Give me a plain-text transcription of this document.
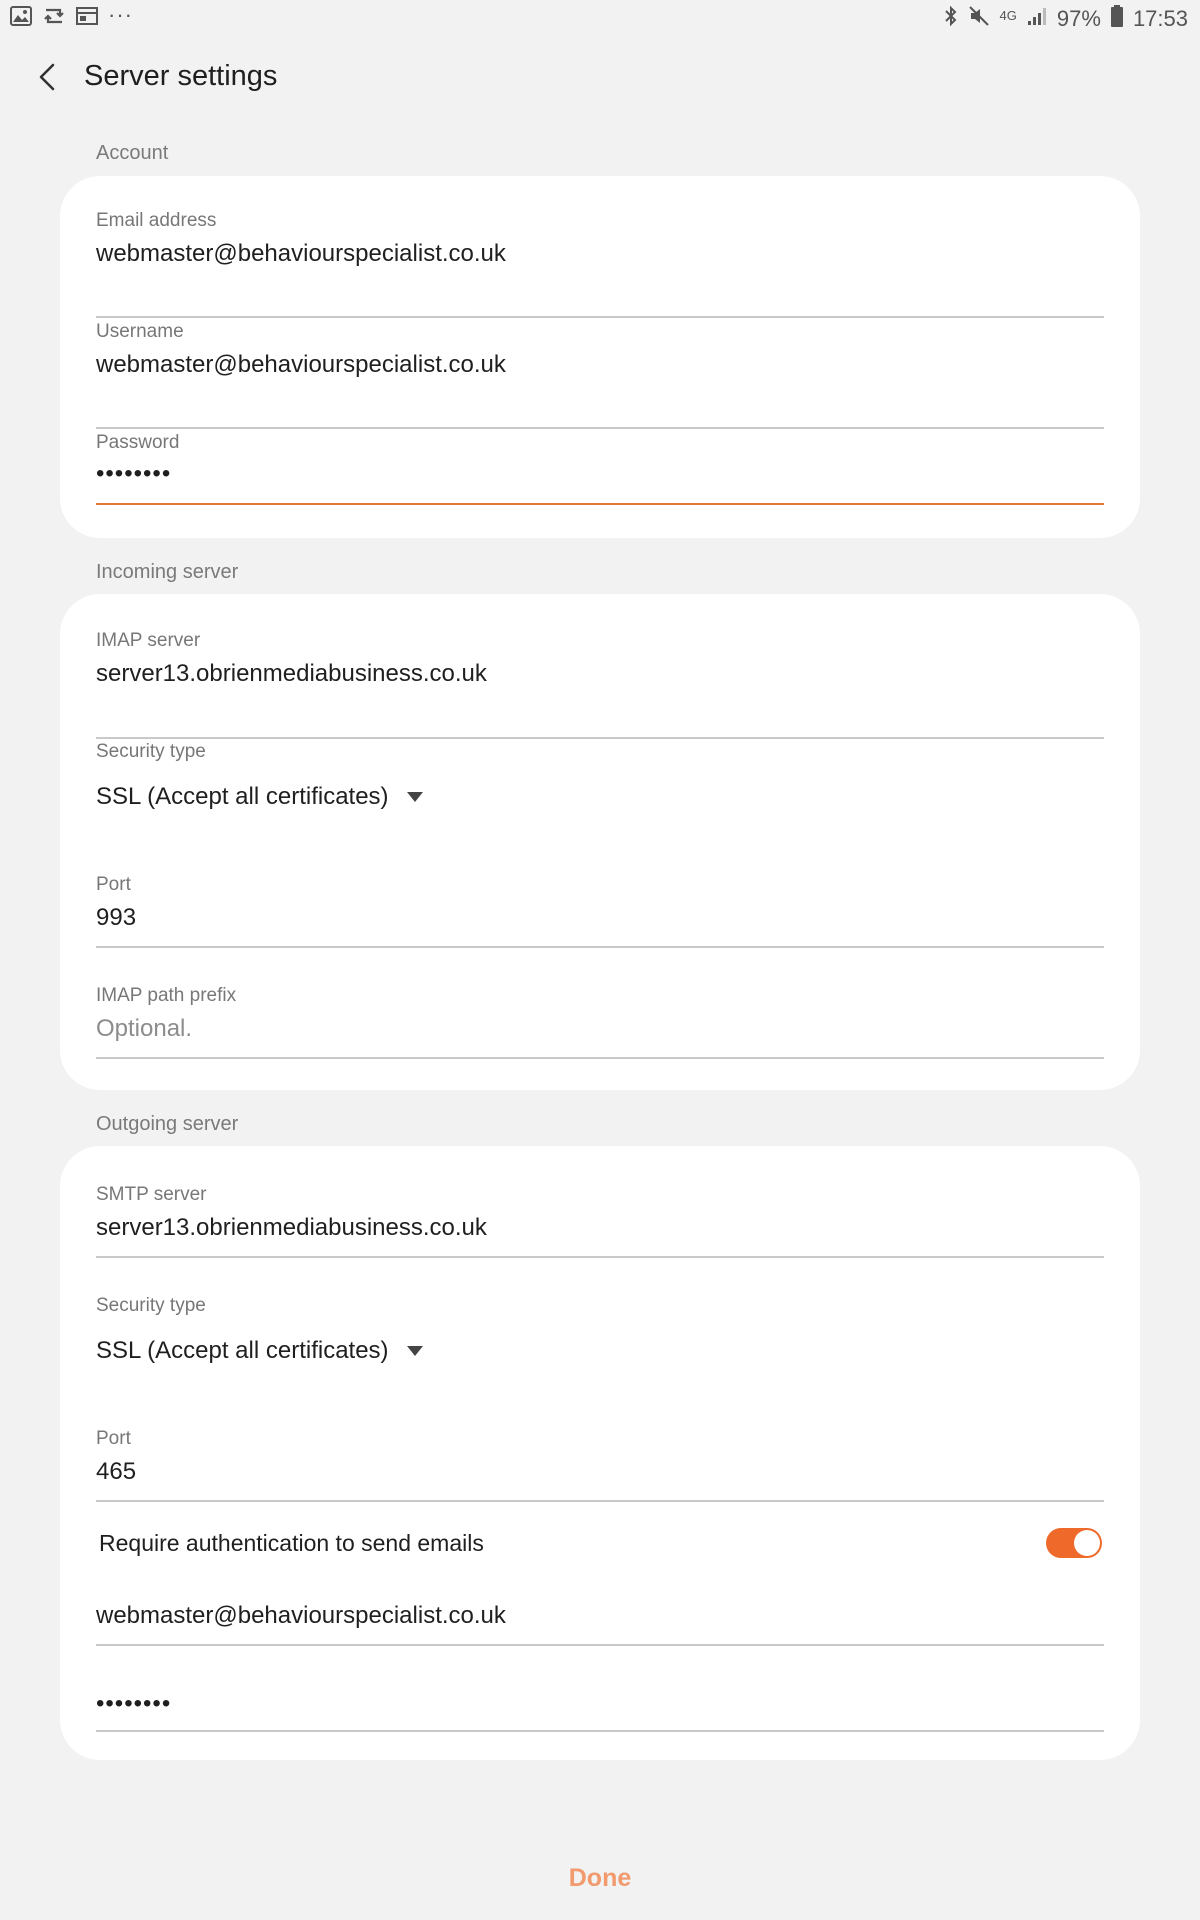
···	4G 97% 17:53
Server settings
Account
Email address
webmaster@behaviourspecialist.co.uk
Username
webmaster@behaviourspecialist.co.uk
Password
••••••••
Incoming server
IMAP server
server13.obrienmediabusiness.co.uk
Security type
SSL (Accept all certificates)
Port
993
IMAP path prefix
Optional.
Outgoing server
SMTP server
server13.obrienmediabusiness.co.uk
Security type
SSL (Accept all certificates)
Port
465
Require authentication to send emails
webmaster@behaviourspecialist.co.uk
••••••••
Done
